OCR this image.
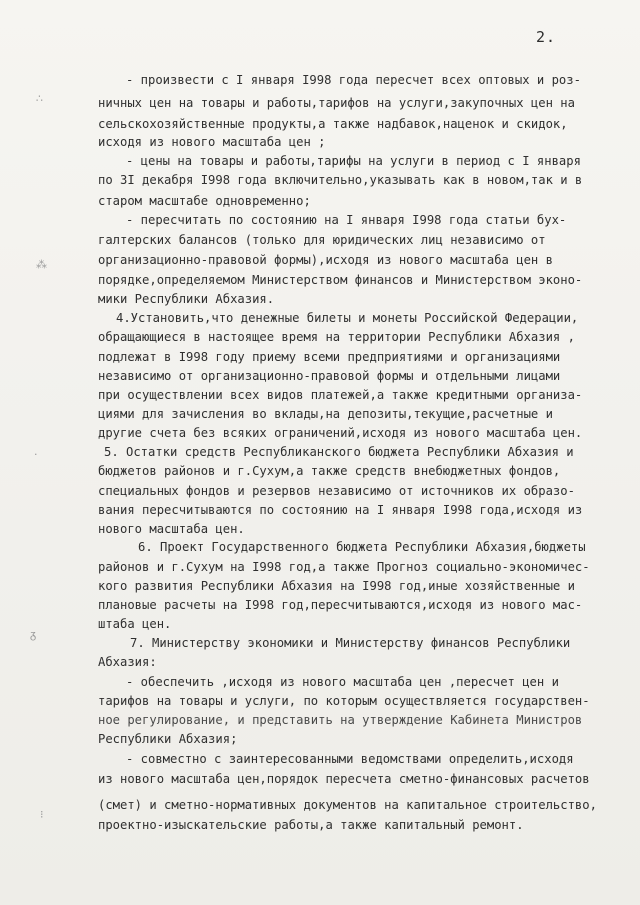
2.
∴
⁂
·
ᵹ
⁝
- произвести с I января I998 года пересчет всех оптовых и роз-
ничных цен на товары и работы,тарифов на услуги,закупочных цен на
сельскохозяйственные продукты,а также надбавок,наценок и скидок,
исходя из нового масштаба цен ;
- цены на товары и работы,тарифы на услуги в период с I января
по 3I декабря I998 года включительно,указывать как в новом,так и в
старом масштабе одновременно;
- пересчитать по состоянию на I января I998 года статьи бух-
галтерских балансов (только для юридических лиц независимо от
организационно-правовой формы),исходя из нового масштаба цен в
порядке,определяемом Министерством финансов и Министерством эконо-
мики Республики Абхазия.
4.Установить,что денежные билеты и монеты Российской Федерации,
обращающиеся в настоящее время на территории Республики Абхазия ,
подлежат в I998 году приему всеми предприятиями и организациями
независимо от организационно-правовой формы и отдельными лицами
при осуществлении всех видов платежей,а также кредитными организа-
циями для зачисления во вклады,на депозиты,текущие,расчетные и
другие счета без всяких ограничений,исходя из нового масштаба цен.
5. Остатки средств Республиканского бюджета Республики Абхазия и
бюджетов районов и г.Сухум,а также средств внебюджетных фондов,
специальных фондов и резервов независимо от источников их образо-
вания пересчитываются по состоянию на I января I998 года,исходя из
нового масштаба цен.
6. Проект Государственного бюджета Республики Абхазия,бюджеты
районов и г.Сухум на I998 год,а также Прогноз социально-экономичес-
кого развития Республики Абхазия на I998 год,иные хозяйственные и
плановые расчеты на I998 год,пересчитываются,исходя из нового мас-
штаба цен.
7. Министерству экономики и Министерству финансов Республики
Абхазия:
- обеспечить ,исходя из нового масштаба цен ,пересчет цен и
тарифов на товары и услуги, по которым осуществляется государствен-
ное регулирование, и представить на утверждение Кабинета Министров
Республики Абхазия;
- совместно с заинтересованными ведомствами определить,исходя
из нового масштаба цен,порядок пересчета сметно-финансовых расчетов
(смет) и сметно-нормативных документов на капитальное строительство,
проектно-изыскательские работы,а также капитальный ремонт.
